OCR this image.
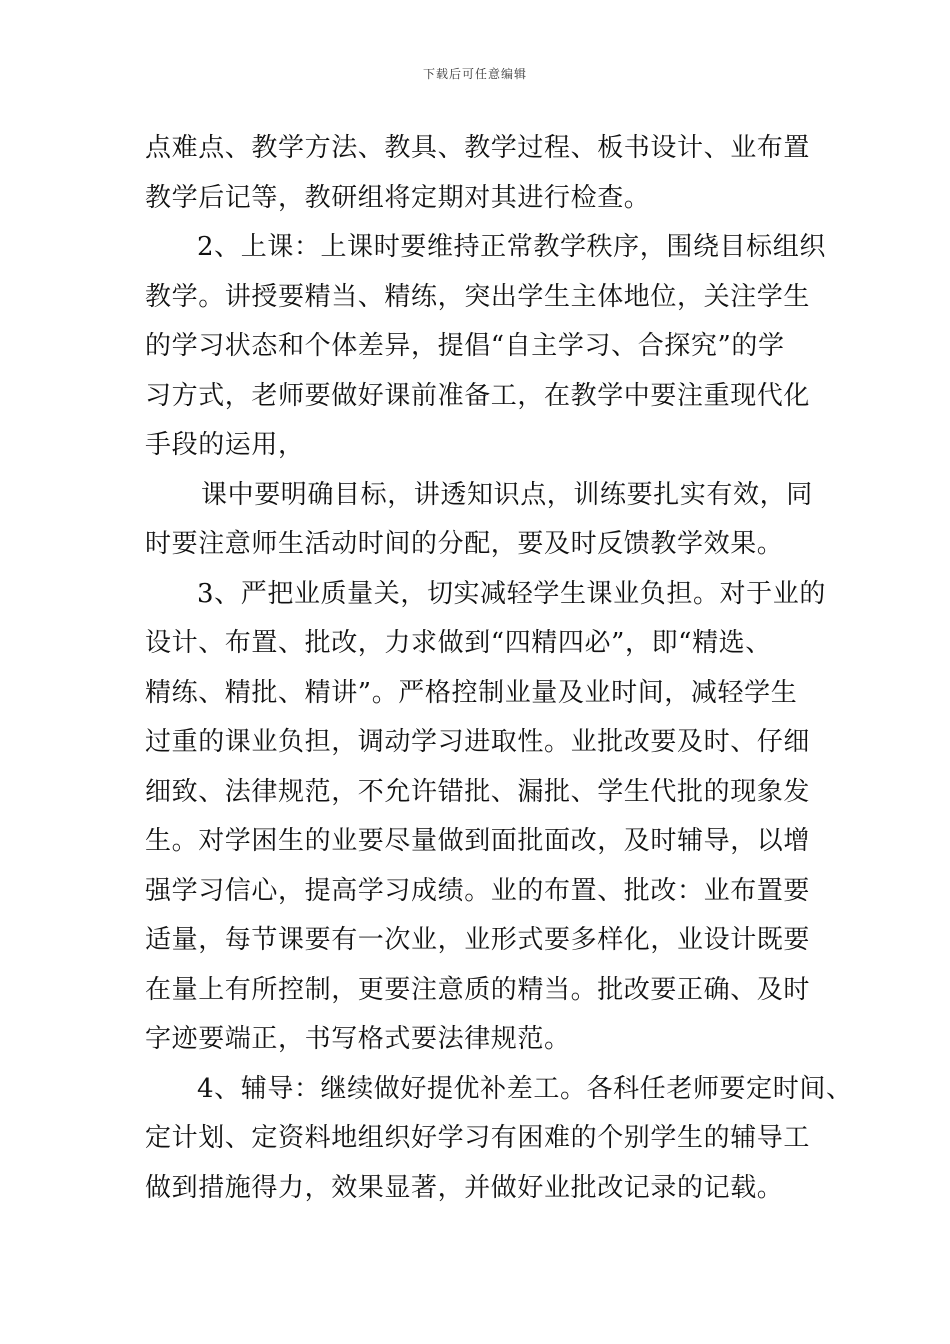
下载后可任意编辑
点难点、教学方法、教具、教学过程、板书设计、业布置
教学后记等，教研组将定期对其进行检查。
2、上课：上课时要维持正常教学秩序，围绕目标组织
教学。讲授要精当、精练，突出学生主体地位，关注学生
的学习状态和个体差异，提倡“自主学习、合探究”的学
习方式，老师要做好课前准备工，在教学中要注重现代化
手段的运用，
课中要明确目标，讲透知识点，训练要扎实有效，同
时要注意师生活动时间的分配，要及时反馈教学效果。
3、严把业质量关，切实减轻学生课业负担。对于业的
设计、布置、批改，力求做到“四精四必”，即“精选、
精练、精批、精讲”。严格控制业量及业时间，减轻学生
过重的课业负担，调动学习进取性。业批改要及时、仔细
细致、法律规范，不允许错批、漏批、学生代批的现象发
生。对学困生的业要尽量做到面批面改，及时辅导，以增
强学习信心，提高学习成绩。业的布置、批改：业布置要
适量，每节课要有一次业，业形式要多样化，业设计既要
在量上有所控制，更要注意质的精当。批改要正确、及时
字迹要端正，书写格式要法律规范。
4、辅导：继续做好提优补差工。各科任老师要定时间、
定计划、定资料地组织好学习有困难的个别学生的辅导工
做到措施得力，效果显著，并做好业批改记录的记载。
